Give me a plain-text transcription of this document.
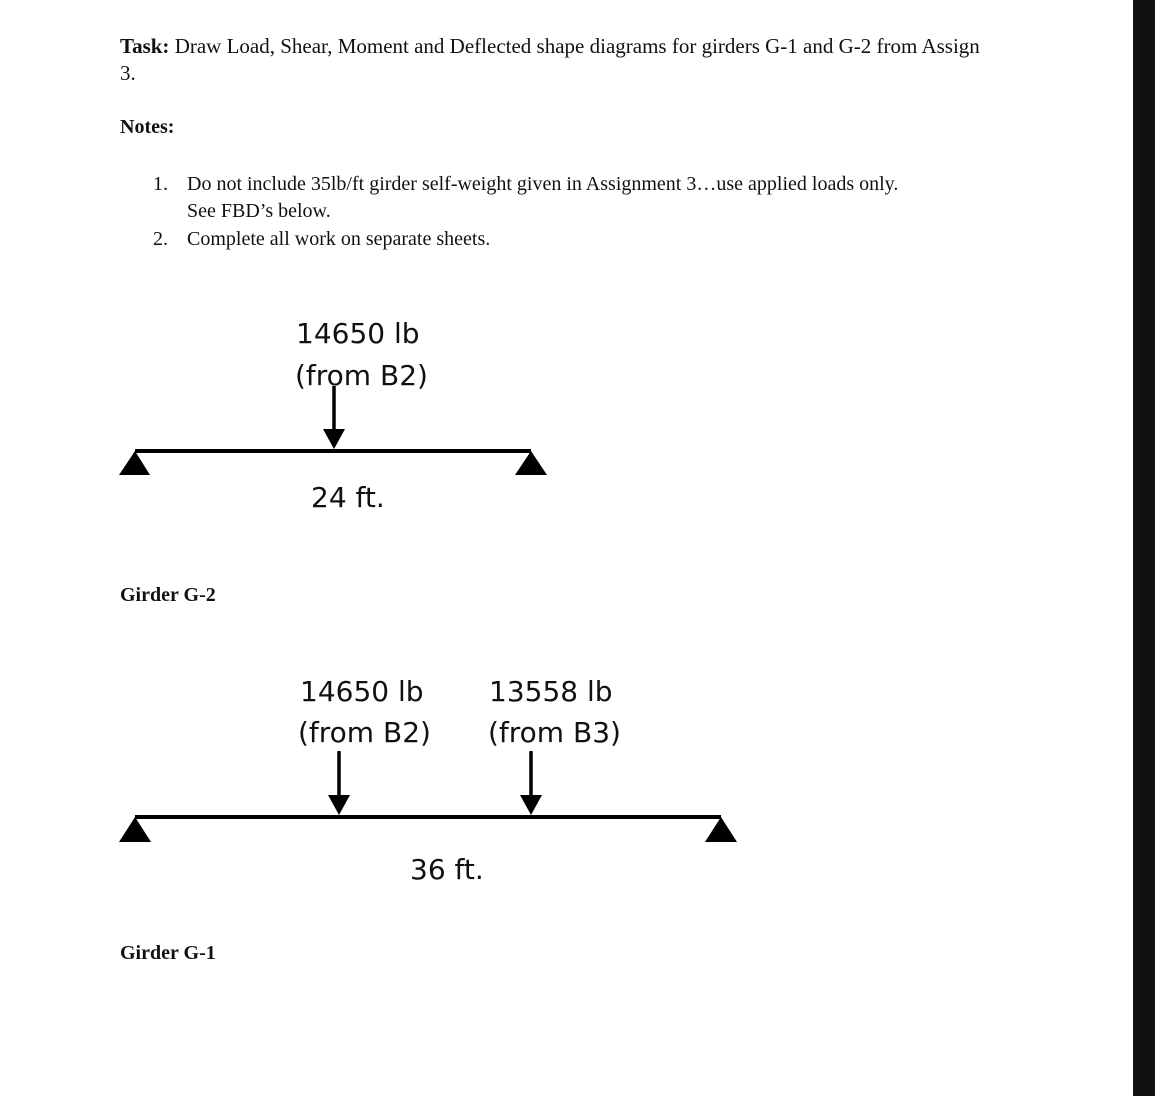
Task: Draw Load, Shear, Moment and Deflected shape diagrams for girders G-1 and G-2 from Assign 3.
Notes:
1. Do not include 35lb/ft girder self-weight given in Assignment 3…use applied loads only.
See FBD’s below.
2. Complete all work on separate sheets.
14650 lb
(from B2)
24 ft.
Girder G-2
14650 lb
(from B2)
13558 lb
(from B3)
36 ft.
Girder G-1
